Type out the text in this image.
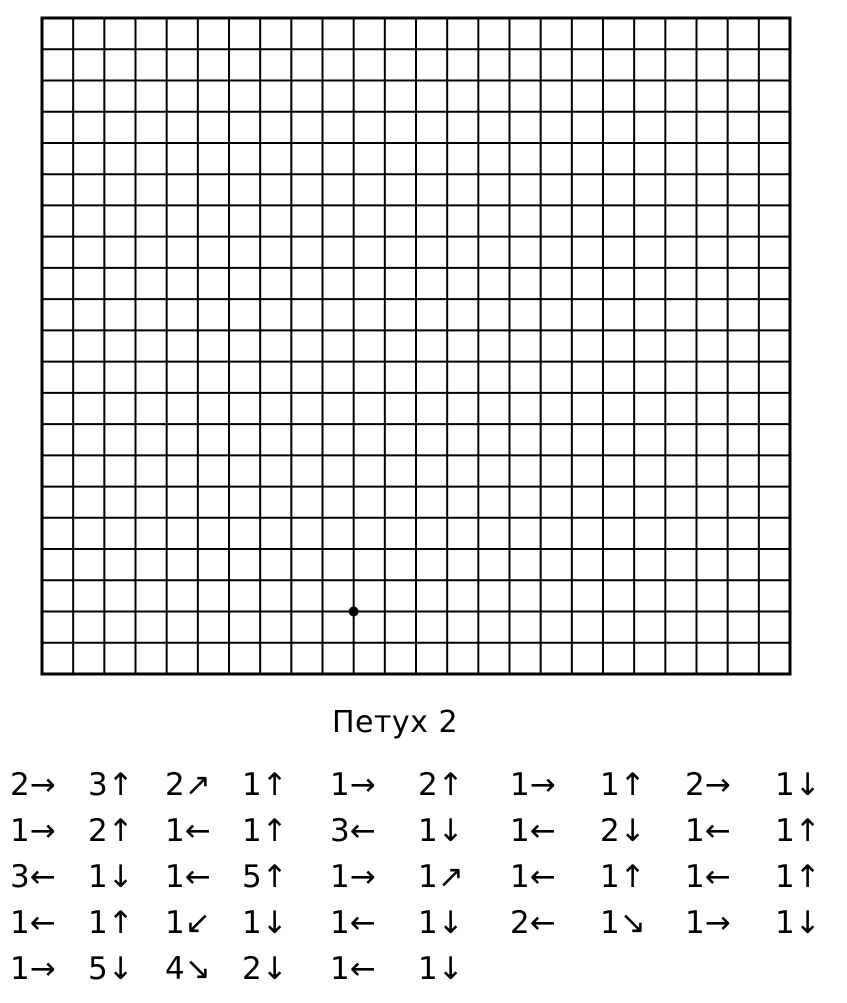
Петух 2
2→ 3↑ 2↗ 1↑ 1→ 2↑ 1→ 1↑ 2→ 1↓
1→ 2↑ 1← 1↑ 3← 1↓ 1← 2↓ 1← 1↑
3← 1↓ 1← 5↑ 1→ 1↗ 1← 1↑ 1← 1↑
1← 1↑ 1↙ 1↓ 1← 1↓ 2← 1↘ 1→ 1↓
1→ 5↓ 4↘ 2↓ 1← 1↓
